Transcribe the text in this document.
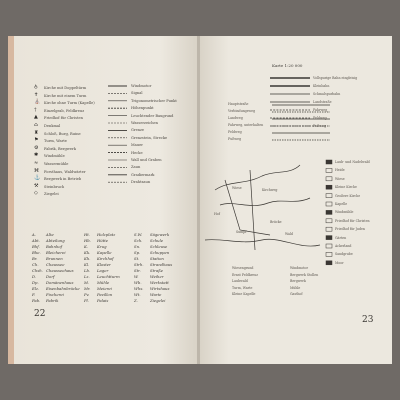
♁ Kirche mit Doppeltürm
✝ Kirche mit einem Turm
⛪ Kirche ohne Turm (Kapelle)
† Einzelgrab, Feldkreuz
▲ Friedhof für Christen
⌂ Denkmal
♜ Schloß, Burg, Ruine
⚑ Turm, Warte
⚙ Fabrik, Bergwerk
✱ Windmühle
≈ Wassermühle
⌘ Forsthaus, Waldwärter
⚓ Bergwerk in Betrieb
⚒ Steinbruch
◇ Ziegelei
Windmotor
Signal
Trigonometrischer Punkt
Höhenpunkt
Leuchtender Baugrund
Wasserzeichen
Grenze
Grenzstein, Strecke
Mauer
Hecke
Wall und Graben
Zaun
Gradiermark
Drahtzaun
A.
Abt.
Bhf.
Bhe.
Br.
Ch.
Chsh.
D.
Dp.
Elz.
F.
Fab.
Alte
Abteilung
Bahnhof
Bleicherei
Brunnen
Chaussee
Chausseehaus
Dorf
Domänenhaus
Eisenbahnbrücke
Fischerei
Fabrik
Ht.
Hb.
K.
Kk.
Kh.
Kl.
Lb.
Lz.
M.
Mr.
Pv.
Pl.
Holzplatz
Hütte
Krug
Kapelle
Kirchhof
Kloster
Lager
Leuchtturm
Mühle
Meierei
Pavillon
Palais
S.W.
Sch.
Sn.
Sp.
St.
Strh.
Str.
W.
Wb.
Whs.
Wt.
Z.
Sägewerk
Schule
Schleuse
Schuppen
Station
Strandhaus
Straße
Weiher
Werkstatt
Wirtshaus
Warte
Ziegelei
22
Karte 1:20 000
Vollspurige Bahn eingleisig
Kleinbahn
Schmalspurbahn
Landstraße
Fahrweg
Feldweg
Fußweg
Hauptstraße
Verbindungsweg
Landweg
Fahrweg, unterhalten
Feldweg
Fußweg
Wiese	Kirchweg
Hof
Brücke
Sumpf	Wald
Laub- und Nadelwald
Heide
Wiese
Kleine Kirche
Großere Kirche
Kapelle
Windmühle
Friedhof für Christen
Friedhof für Juden
Gärten
Ackerland
Sandgrube
Moor
Wiesengrund
Ernst Feldkreuz
Laubwald
Turm, Warte
Kleine Kapelle
Windmotor
Bergwerk Stollen
Bergwerk
Mühle
Gasthof
23
